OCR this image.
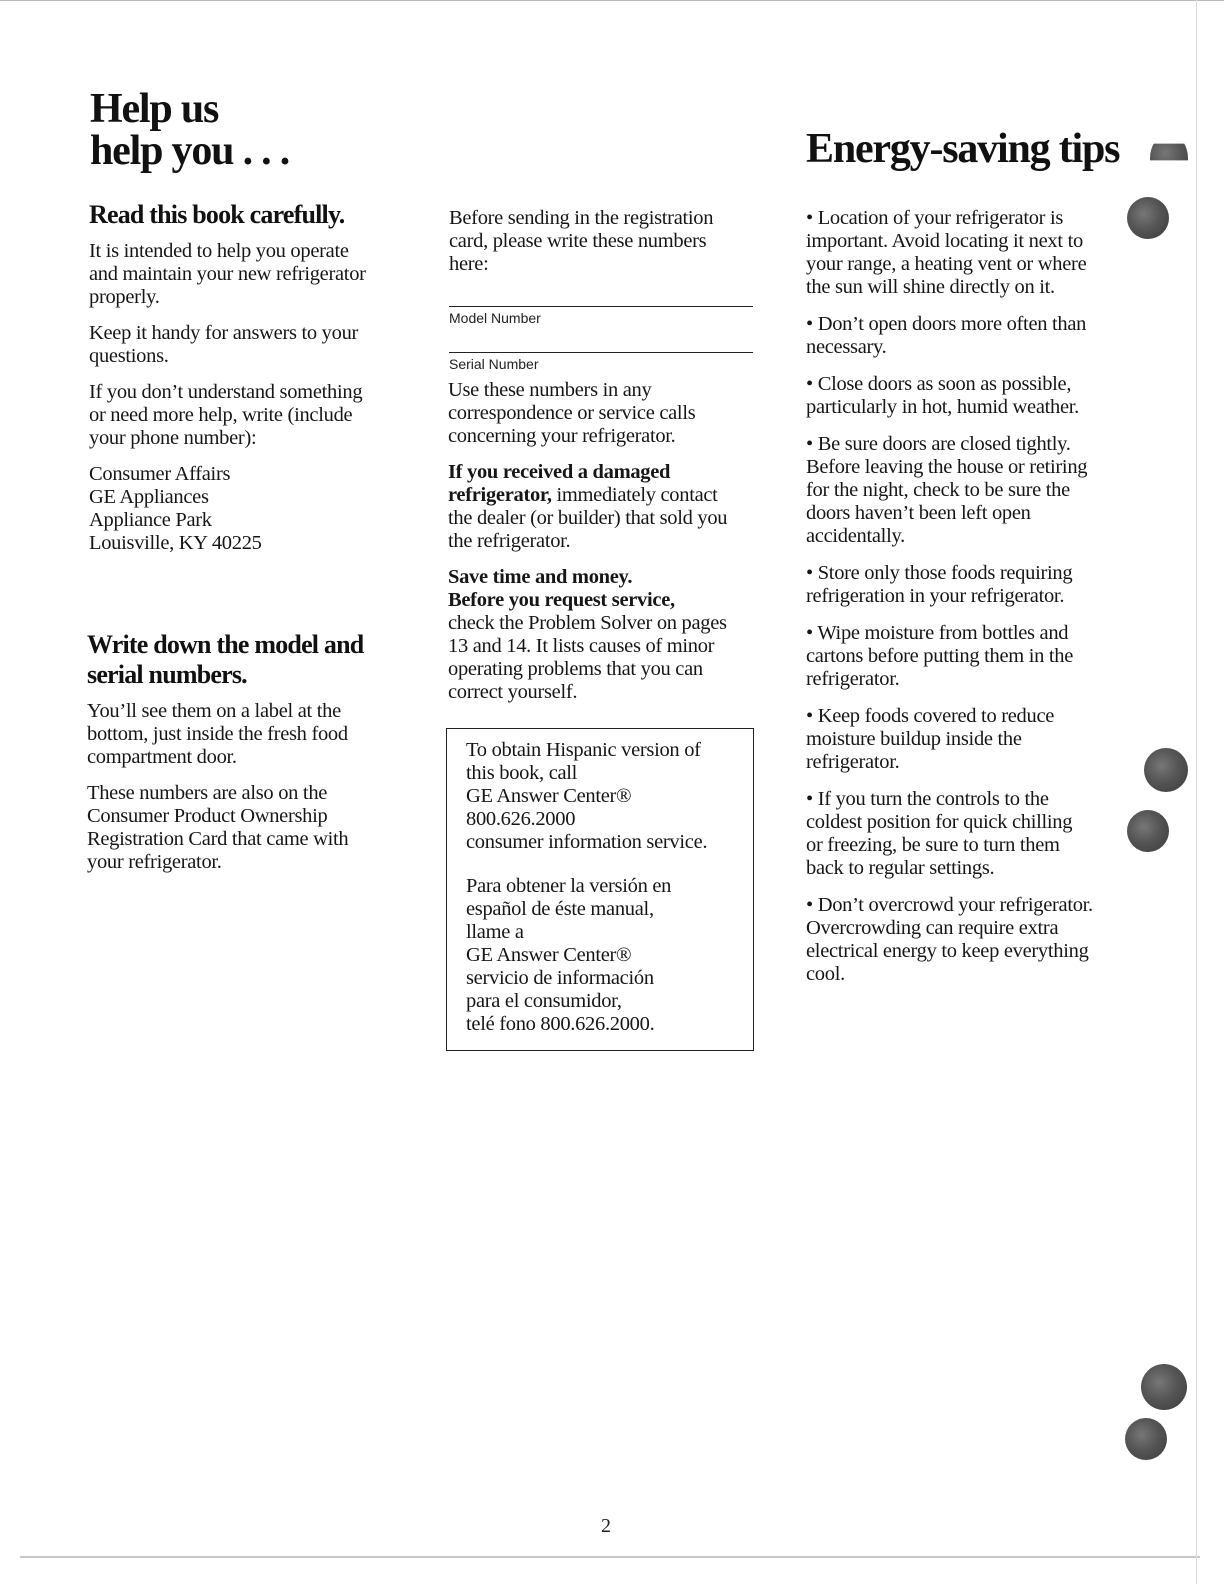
Help us
help you . . .
Read this book carefully.

It is intended to help you operate
and maintain your new refrigerator
properly.

Keep it handy for answers to your
questions.

If you don’t understand something
or need more help, write (include
your phone number):

Consumer Affairs
GE Appliances
Appliance Park
Louisville, KY 40225

Write down the model and
serial numbers.

You’ll see them on a label at the
bottom, just inside the fresh food
compartment door.

These numbers are also on the
Consumer Product Ownership
Registration Card that came with
your refrigerator.

Before sending in the registration
card, please write these numbers
here:

Model Number
Serial Number

Use these numbers in any
correspondence or service calls
concerning your refrigerator.

If you received a damaged
refrigerator, immediately contact
the dealer (or builder) that sold you
the refrigerator.

Save time and money.
Before you request service,
check the Problem Solver on pages
13 and 14. It lists causes of minor
operating problems that you can
correct yourself.

To obtain Hispanic version of
this book, call
GE Answer Center®
800.626.2000
consumer information service.

Para obtener la versión en
español de éste manual,
llame a
GE Answer Center®
servicio de información
para el consumidor,
telé fono 800.626.2000.

Energy-saving tips

• Location of your refrigerator is
important. Avoid locating it next to
your range, a heating vent or where
the sun will shine directly on it.

• Don’t open doors more often than
necessary.

• Close doors as soon as possible,
particularly in hot, humid weather.

• Be sure doors are closed tightly.
Before leaving the house or retiring
for the night, check to be sure the
doors haven’t been left open
accidentally.

• Store only those foods requiring
refrigeration in your refrigerator.

• Wipe moisture from bottles and
cartons before putting them in the
refrigerator.

• Keep foods covered to reduce
moisture buildup inside the
refrigerator.

• If you turn the controls to the
coldest position for quick chilling
or freezing, be sure to turn them
back to regular settings.

• Don’t overcrowd your refrigerator.
Overcrowding can require extra
electrical energy to keep everything
cool.

2
